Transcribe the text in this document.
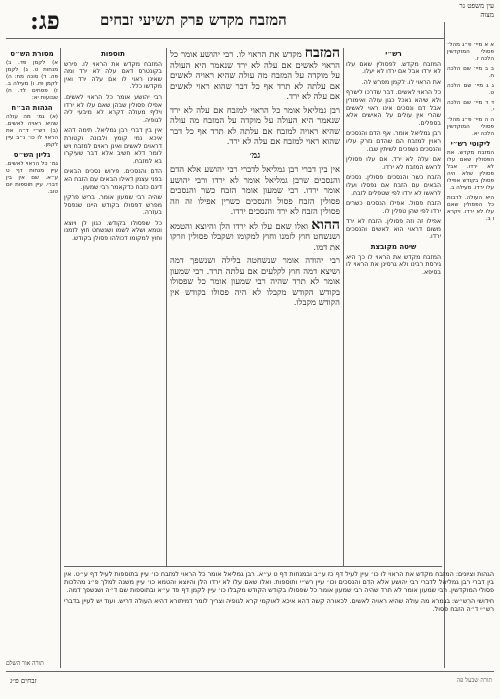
פג:	המזבח מקדש פרק תשיעי זבחים
עין משפט נר מצוה
מסורת הש״ס

א) לקמן פד. ב) מנחות ט. ג) לקמן פה. ד) סוכה מח: ה) לקמן פז. ו) מעילה ב. ז) פסחים לד. ח) שבועות יא:

הגהות הב״ח

(א) גמ׳ מה עולה שהיא ראויה לאשים. (ב) רש״י ד״ה את הראוי לו כו׳ נ״ב עיין לקמן.

גליון הש״ס

גמ׳ כל הראוי לאשים. עיין מנחות דף ט ע״א. שם אין בין דברי. עיין תוספות יום טוב.

תוספות

המזבח מקדש את הראוי לו. פירש בקונטרס דאם עלה לא ירד ומה שאינו ראוי לו אם עלה ירד ואין מקדשו כלל.

רבי יהושע אומר כל הראוי לאשים. אפילו פסולין שבהן שאם עלו לא ירדו ויליף מעולה דקרא לא מיבעי ליה לגופיה.

אין בין דברי רבן גמליאל. תימה דהא איכא נמי קומץ ולבונה וקטורת דראוים לאשים ואינן ראוים למזבח ויש לומר דלא חשיב אלא דבר שעיקרו בא למזבח.

הדם והנסכים. פירוש נסכים הבאים בפני עצמן דאילו הבאים עם הזבח הא דינם כזבח כדקאמר רבי שמעון.

שהיה רבי שמעון אומר. בריש פרקין מפרש דפסולו בקודש היינו שנפסל בעזרה.

כל שפסולו בקודש. כגון לן ויוצא וטמא ושלא לשמו ושנשחט חוץ לזמנו וחוץ למקומו דכולהו פסולן בקודש.

המזבח מקדש את הראוי לו. רבי יהושע אומר כל הראוי לאשים אם עלה לא ירד שנאמר היא העולה על מוקדה על המזבח מה עולה שהיא ראויה לאשים אם עלתה לא תרד אף כל דבר שהוא ראוי לאשים אם עלה לא ירד.

רבן גמליאל אומר כל הראוי למזבח אם עלה לא ירד שנאמר היא העולה על מוקדה על המזבח מה עולה שהיא ראויה למזבח אם עלתה לא תרד אף כל דבר שהוא ראוי למזבח אם עלה לא ירד.

גמ׳

אין בין דברי רבן גמליאל לדברי רבי יהושע אלא הדם והנסכים שרבן גמליאל אומר לא ירדו ורבי יהושע אומר ירדו. רבי שמעון אומר הזבח כשר והנסכים פסולין הזבח פסול והנסכים כשרין אפילו זה וזה פסולין הזבח לא ירד והנסכים ירדו.

ההוא ואלו שאם עלו לא ירדו הלן והיוצא והטמא ושנשחט חוץ לזמנו וחוץ למקומו ושקבלו פסולין וזרקו את דמו.

רבי יהודה אומר שנשחטה בלילה ושנשפך דמה ושיצא דמה חוץ לקלעים אם עלתה תרד. רבי שמעון אומר לא תרד שהיה רבי שמעון אומר כל שפסולו בקודש הקודש מקבלו לא היה פסולו בקודש אין הקודש מקבלו.

רש״י

המזבח מקדש. לפסולין שאם עלו לא ירדו אבל אם ירדו לא יעלו.

את הראוי לו. לקמן מפרש לה.

כל הראוי לאשים. דבר שדרכו לישרף ולא שיהא נאכל כגון עולה ואימורין אבל דם ונסכים אינו ראוי לאשים שהרי אין עולים על האישים אלא בספלים.

רבן גמליאל אומר. אף הדם והנסכים ראוין למזבח הם שהדם נזרק עליו והנסכים נשפכים לשיתין שבו.

אם עלה לא ירד. אם עלו פסולין לראש המזבח לא ירדו.

הזבח כשר והנסכים פסולין. נסכים הבאים עם הזבח אם נפסלו ועלו לראשו לא ירדו לפי שטפלים לזבח.

הזבח פסול. אפילו הנסכים כשרים ירדו לפי שהן טפלין לו.

אפילו זה וזה פסולין. הזבח לא ירד משום דראוי הוא לאשים והנסכים ירדו.

שיטה מקובצת

המזבח מקדש את הראוי לו כך היא גירסת רבינו ולא גרסינן את הראוי לו בסיפא.

א א מיי׳ פ״ג מהל׳ פסולי המוקדשין הלכה ז.

ב ב מיי׳ שם הלכה ח.

ג ג מיי׳ שם הלכה ט.

ד ד מיי׳ שם הלכה י.

ה ה מיי׳ פ״ג מהל׳ פסולי המוקדשין הלכה יא.

ליקוטי רש״י

המזבח מקדש. את הפסולין שאם עלו לא ירדו. אבל פסולין שלא היה פסולן בקודש אפילו עלו ירדו. מעילה ב.

היא העולה. לרבות כל הפסולין שאם עלו לא ירדו. ויקרא ו ב.

הגהות וציונים: המזבח מקדש את הראוי לו כו׳ עיין לעיל דף כז ע״ב ובמנחות דף ט ע״א. רבן גמליאל אומר כל הראוי למזבח כו׳ עיין בתוספות לעיל דף ע״ט. אין בין דברי רבן גמליאל לדברי רבי יהושע אלא הדם והנסכים וכו׳ עיין רש״י ותוספות. ואלו שאם עלו לא ירדו הלן והיוצא והטמא כו׳ עיין משנה למלך פ״ג מהלכות פסולי המוקדשין. רבי שמעון אומר לא תרד שהיה רבי שמעון אומר כל שפסולו בקודש הקודש מקבלו כו׳ עיין לקמן דף פד ע״א ובתוספות שם ד״ה ושנשפך דמה.

חידושי הרש״ש: בגמרא מה עולה שהיא ראויה לאשים. לכאורה קשה דהא איכא לאוקמי קרא לגופיה וצריך לומר דמיתורא דהיא העולה דריש. ועוד יש לעיין בדברי רש״י ד״ה הזבח פסול.

זבחים פ״ג	תורה שבעל פה
תורה אור השלם
